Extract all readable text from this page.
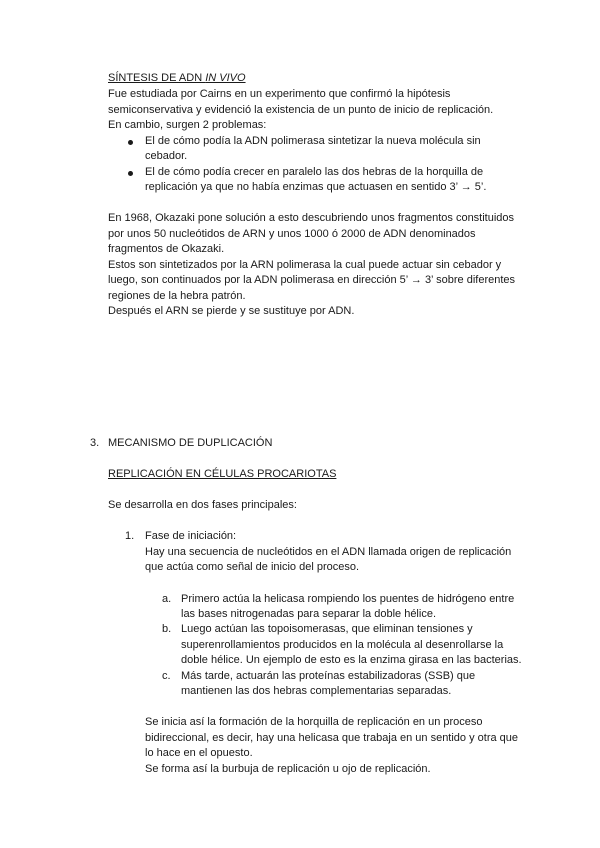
SÍNTESIS DE ADN IN VIVO
Fue estudiada por Cairns en un experimento que confirmó la hipótesis
semiconservativa y evidenció la existencia de un punto de inicio de replicación.
En cambio, surgen 2 problemas:
El de cómo podía la ADN polimerasa sintetizar la nueva molécula sin
cebador.
El de cómo podía crecer en paralelo las dos hebras de la horquilla de
replicación ya que no había enzimas que actuasen en sentido 3’ → 5’.
En 1968, Okazaki pone solución a esto descubriendo unos fragmentos constituidos
por unos 50 nucleótidos de ARN y unos 1000 ó 2000 de ADN denominados
fragmentos de Okazaki.
Estos son sintetizados por la ARN polimerasa la cual puede actuar sin cebador y
luego, son continuados por la ADN polimerasa en dirección 5’ → 3’ sobre diferentes
regiones de la hebra patrón.
Después el ARN se pierde y se sustituye por ADN.
3. MECANISMO DE DUPLICACIÓN
REPLICACIÓN EN CÉLULAS PROCARIOTAS
Se desarrolla en dos fases principales:
1. Fase de iniciación:
Hay una secuencia de nucleótidos en el ADN llamada origen de replicación
que actúa como señal de inicio del proceso.
a. Primero actúa la helicasa rompiendo los puentes de hidrógeno entre
las bases nitrogenadas para separar la doble hélice.
b. Luego actúan las topoisomerasas, que eliminan tensiones y
superenrollamientos producidos en la molécula al desenrollarse la
doble hélice. Un ejemplo de esto es la enzima girasa en las bacterias.
c. Más tarde, actuarán las proteínas estabilizadoras (SSB) que
mantienen las dos hebras complementarias separadas.
Se inicia así la formación de la horquilla de replicación en un proceso
bidireccional, es decir, hay una helicasa que trabaja en un sentido y otra que
lo hace en el opuesto.
Se forma así la burbuja de replicación u ojo de replicación.
